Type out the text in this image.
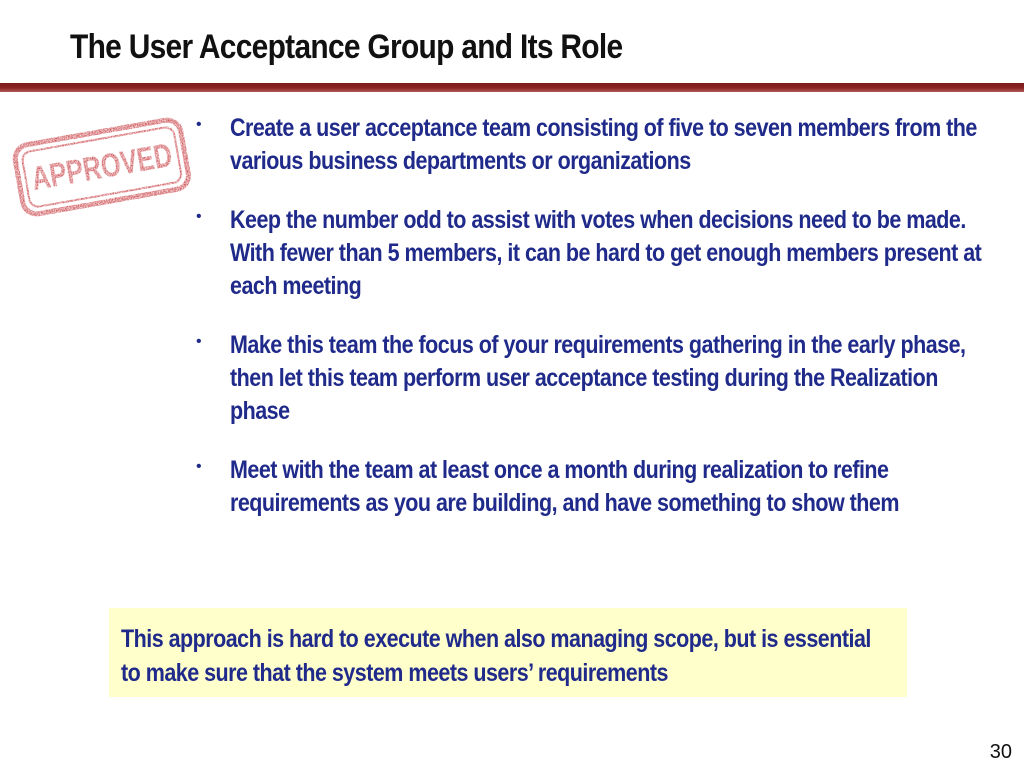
The User Acceptance Group and Its Role
APPROVED
• Create a user acceptance team consisting of five to seven members from the various business departments or organizations
• Keep the number odd to assist with votes when decisions need to be made. With fewer than 5 members, it can be hard to get enough members present at each meeting
• Make this team the focus of your requirements gathering in the early phase, then let this team perform user acceptance testing during the Realization phase
• Meet with the team at least once a month during realization to refine requirements as you are building, and have something to show them
This approach is hard to execute when also managing scope, but is essential to make sure that the system meets users’ requirements
30
